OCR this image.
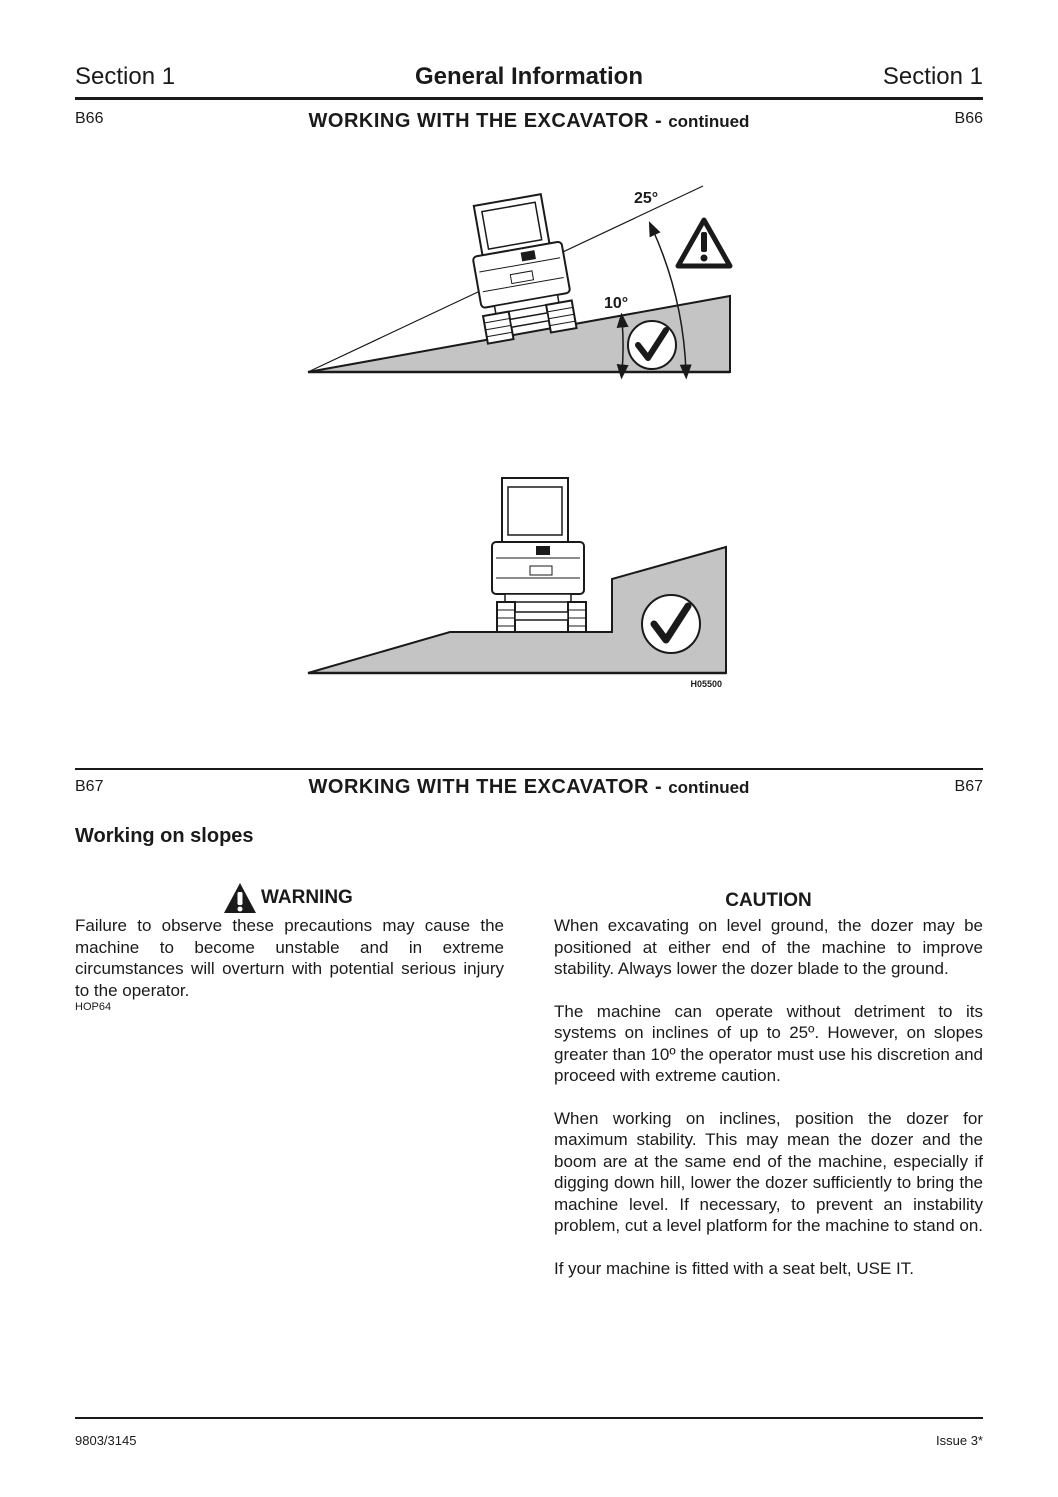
Section 1	General Information	Section 1
B66	WORKING WITH THE EXCAVATOR - continued	B66
25°
10°
H05500
B67	WORKING WITH THE EXCAVATOR - continued	B67
Working on slopes
WARNING
Failure to observe these precautions may cause the machine to become unstable and in extreme circumstances will overturn with potential serious injury to the operator.
HOP64
CAUTION
When excavating on level ground, the dozer may be positioned at either end of the machine to improve stability. Always lower the dozer blade to the ground.
The machine can operate without detriment to its systems on inclines of up to 25º. However, on slopes greater than 10º the operator must use his discretion and proceed with extreme caution.
When working on inclines, position the dozer for maximum stability. This may mean the dozer and the boom are at the same end of the machine, especially if digging down hill, lower the dozer sufficiently to bring the machine level. If necessary, to prevent an instability problem, cut a level platform for the machine to stand on.
If your machine is fitted with a seat belt, USE IT.
9803/3145	Issue 3*
